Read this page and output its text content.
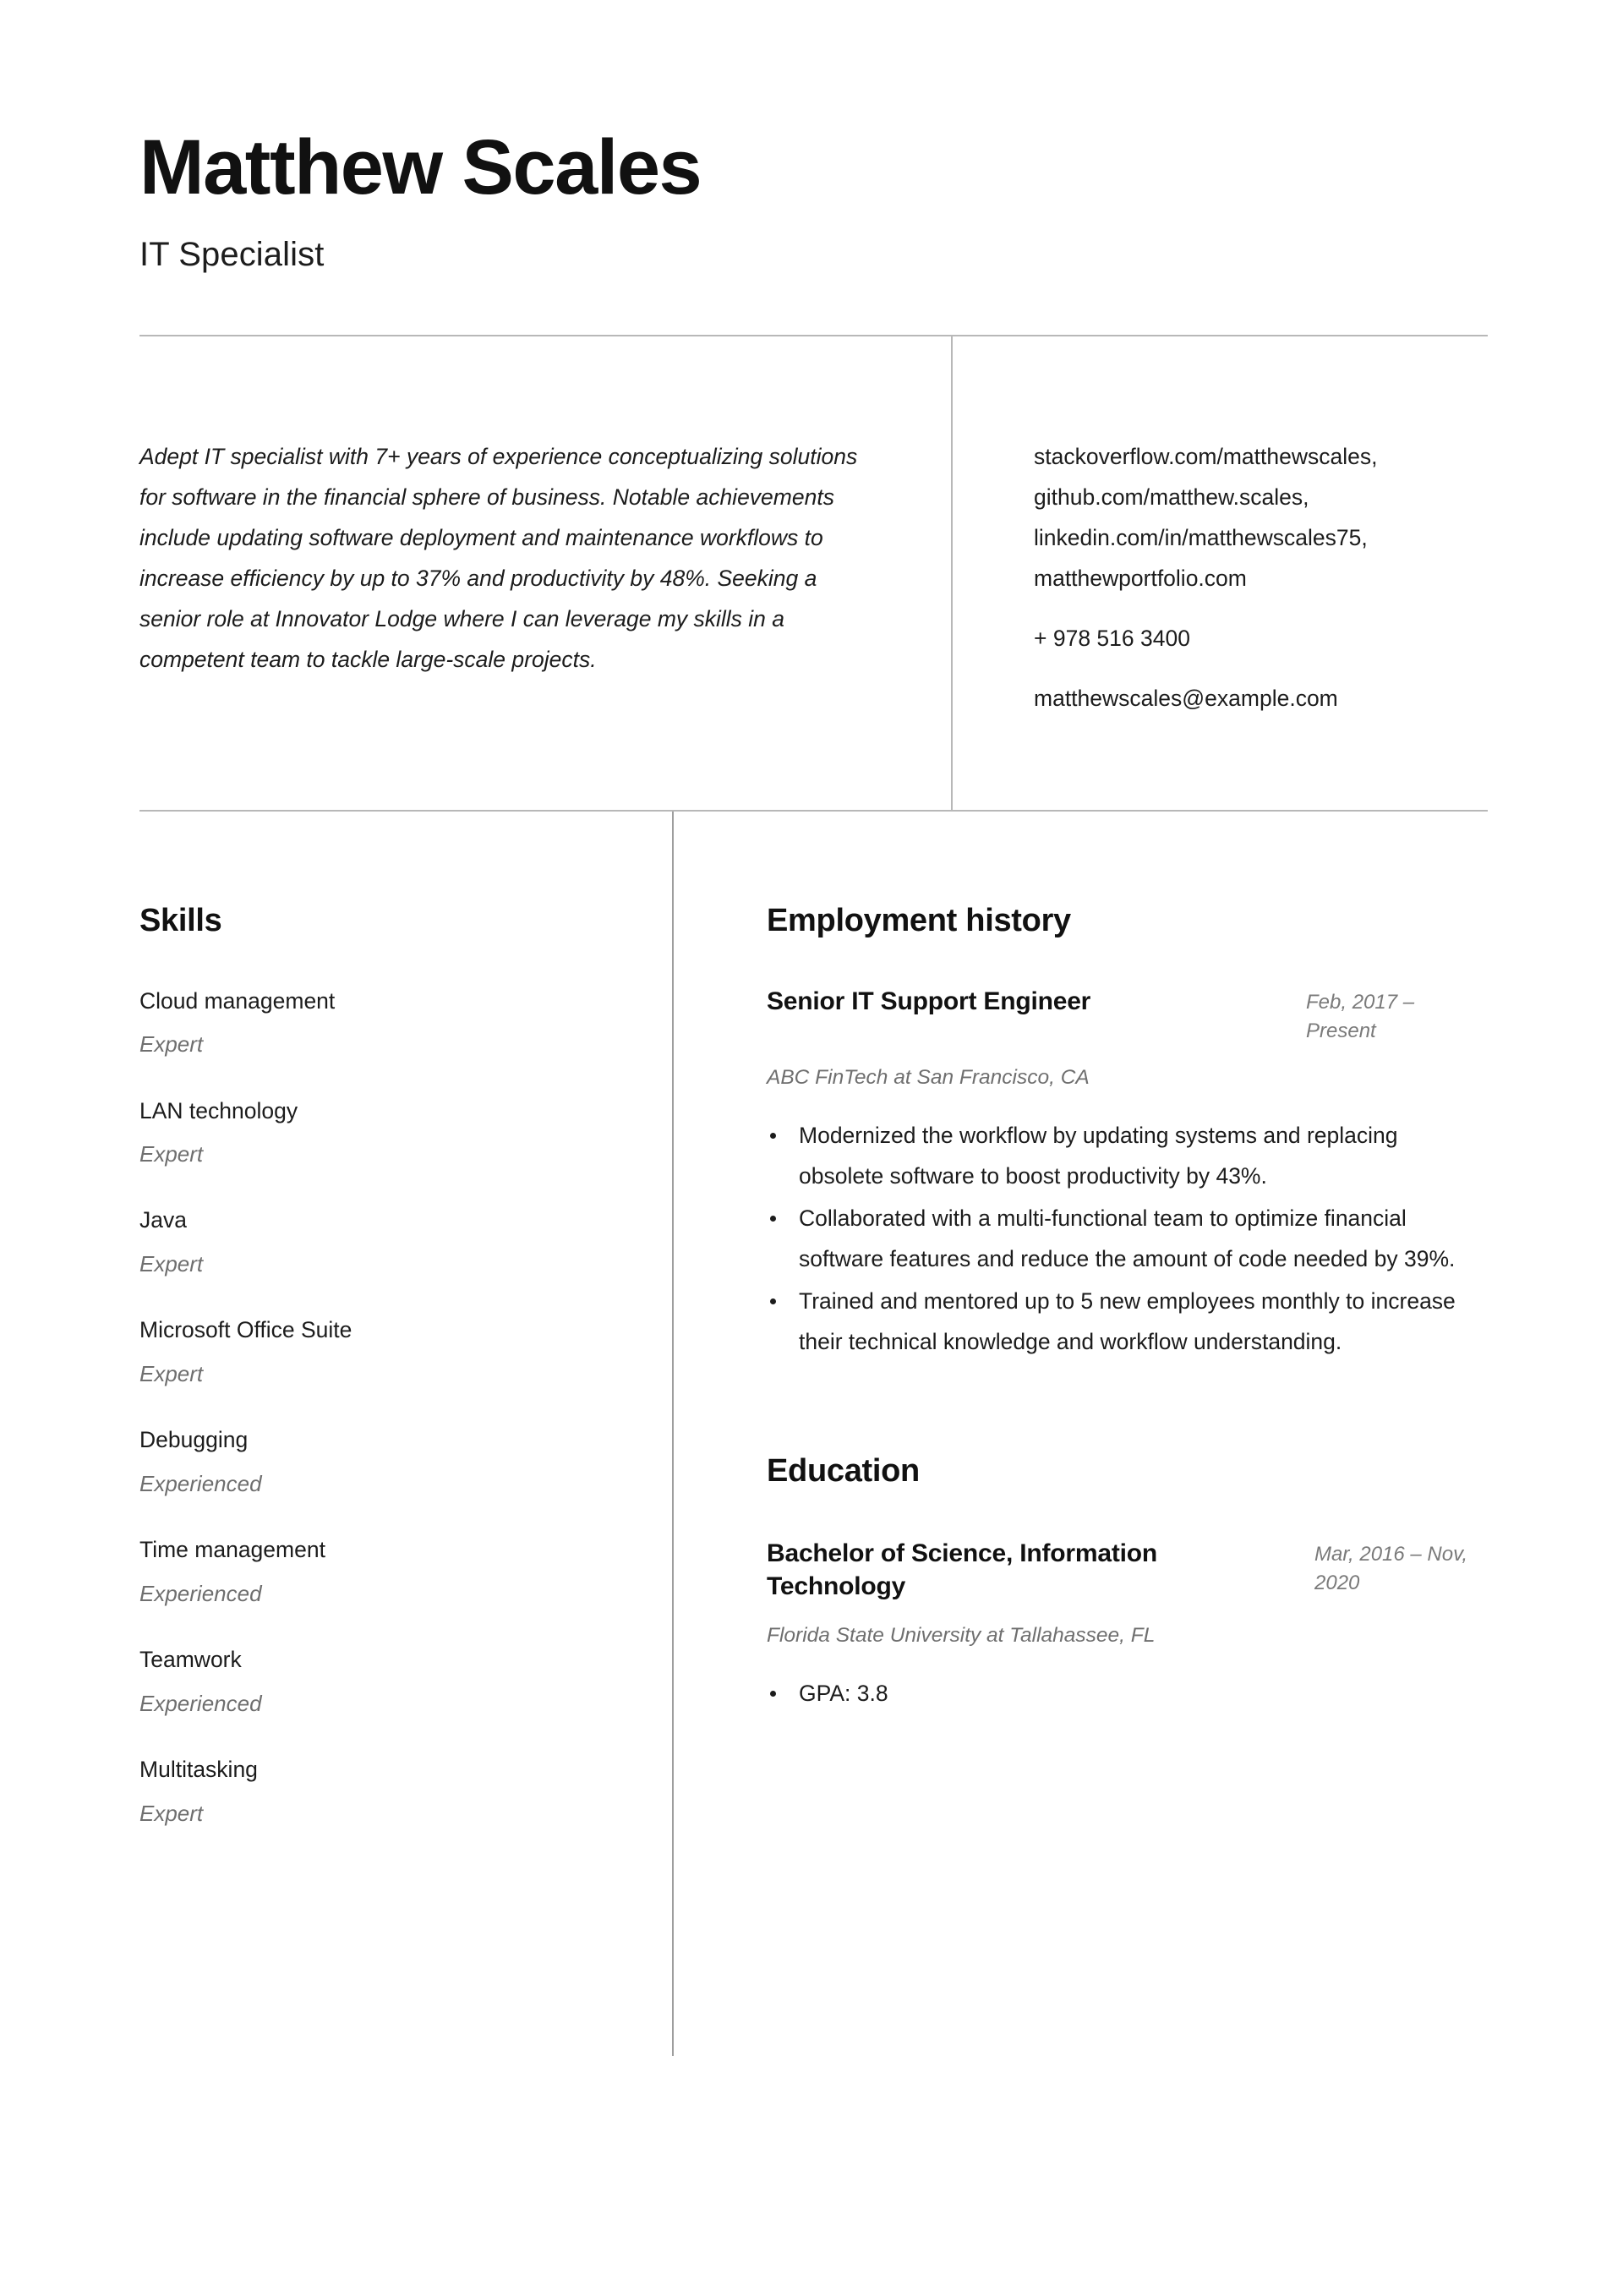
Matthew Scales
IT Specialist

Adept IT specialist with 7+ years of experience conceptualizing solutions for software in the financial sphere of business. Notable achievements include updating software deployment and maintenance workflows to increase efficiency by up to 37% and productivity by 48%. Seeking a senior role at Innovator Lodge where I can leverage my skills in a competent team to tackle large-scale projects.

stackoverflow.com/matthewscales,
github.com/matthew.scales,
linkedin.com/in/matthewscales75,
matthewportfolio.com
+ 978 516 3400
matthewscales@example.com
Skills
Cloud management
Expert
LAN technology
Expert
Java
Expert
Microsoft Office Suite
Expert
Debugging
Experienced
Time management
Experienced
Teamwork
Experienced
Multitasking
Expert
Employment history
Senior IT Support Engineer	Feb, 2017 – Present
ABC FinTech at San Francisco, CA
Modernized the workflow by updating systems and replacing obsolete software to boost productivity by 43%.
Collaborated with a multi-functional team to optimize financial software features and reduce the amount of code needed by 39%.
Trained and mentored up to 5 new employees monthly to increase their technical knowledge and workflow understanding.
Education
Bachelor of Science, Information Technology
Mar, 2016 – Nov, 2020
Florida State University at Tallahassee, FL
GPA: 3.8
